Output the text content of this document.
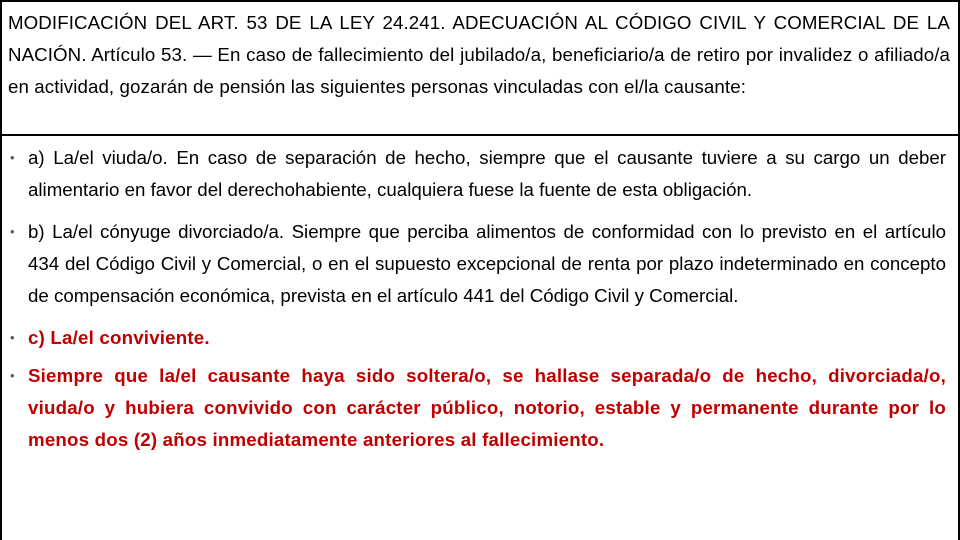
MODIFICACIÓN DEL ART. 53 DE LA LEY 24.241. ADECUACIÓN AL CÓDIGO CIVIL Y COMERCIAL DE LA NACIÓN. Artículo 53. — En caso de fallecimiento del jubilado/a, beneficiario/a de retiro por invalidez o afiliado/a en actividad, gozarán de pensión las siguientes personas vinculadas con el/la causante:

• a) La/el viuda/o. En caso de separación de hecho, siempre que el causante tuviere a su cargo un deber alimentario en favor del derechohabiente, cualquiera fuese la fuente de esta obligación.
• b) La/el cónyuge divorciado/a. Siempre que perciba alimentos de conformidad con lo previsto en el artículo 434 del Código Civil y Comercial, o en el supuesto excepcional de renta por plazo indeterminado en concepto de compensación económica, prevista en el artículo 441 del Código Civil y Comercial.
• c) La/el conviviente.
• Siempre que la/el causante haya sido soltera/o, se hallase separada/o de hecho, divorciada/o, viuda/o y hubiera convivido con carácter público, notorio, estable y permanente durante por lo menos dos (2) años inmediatamente anteriores al fallecimiento.
